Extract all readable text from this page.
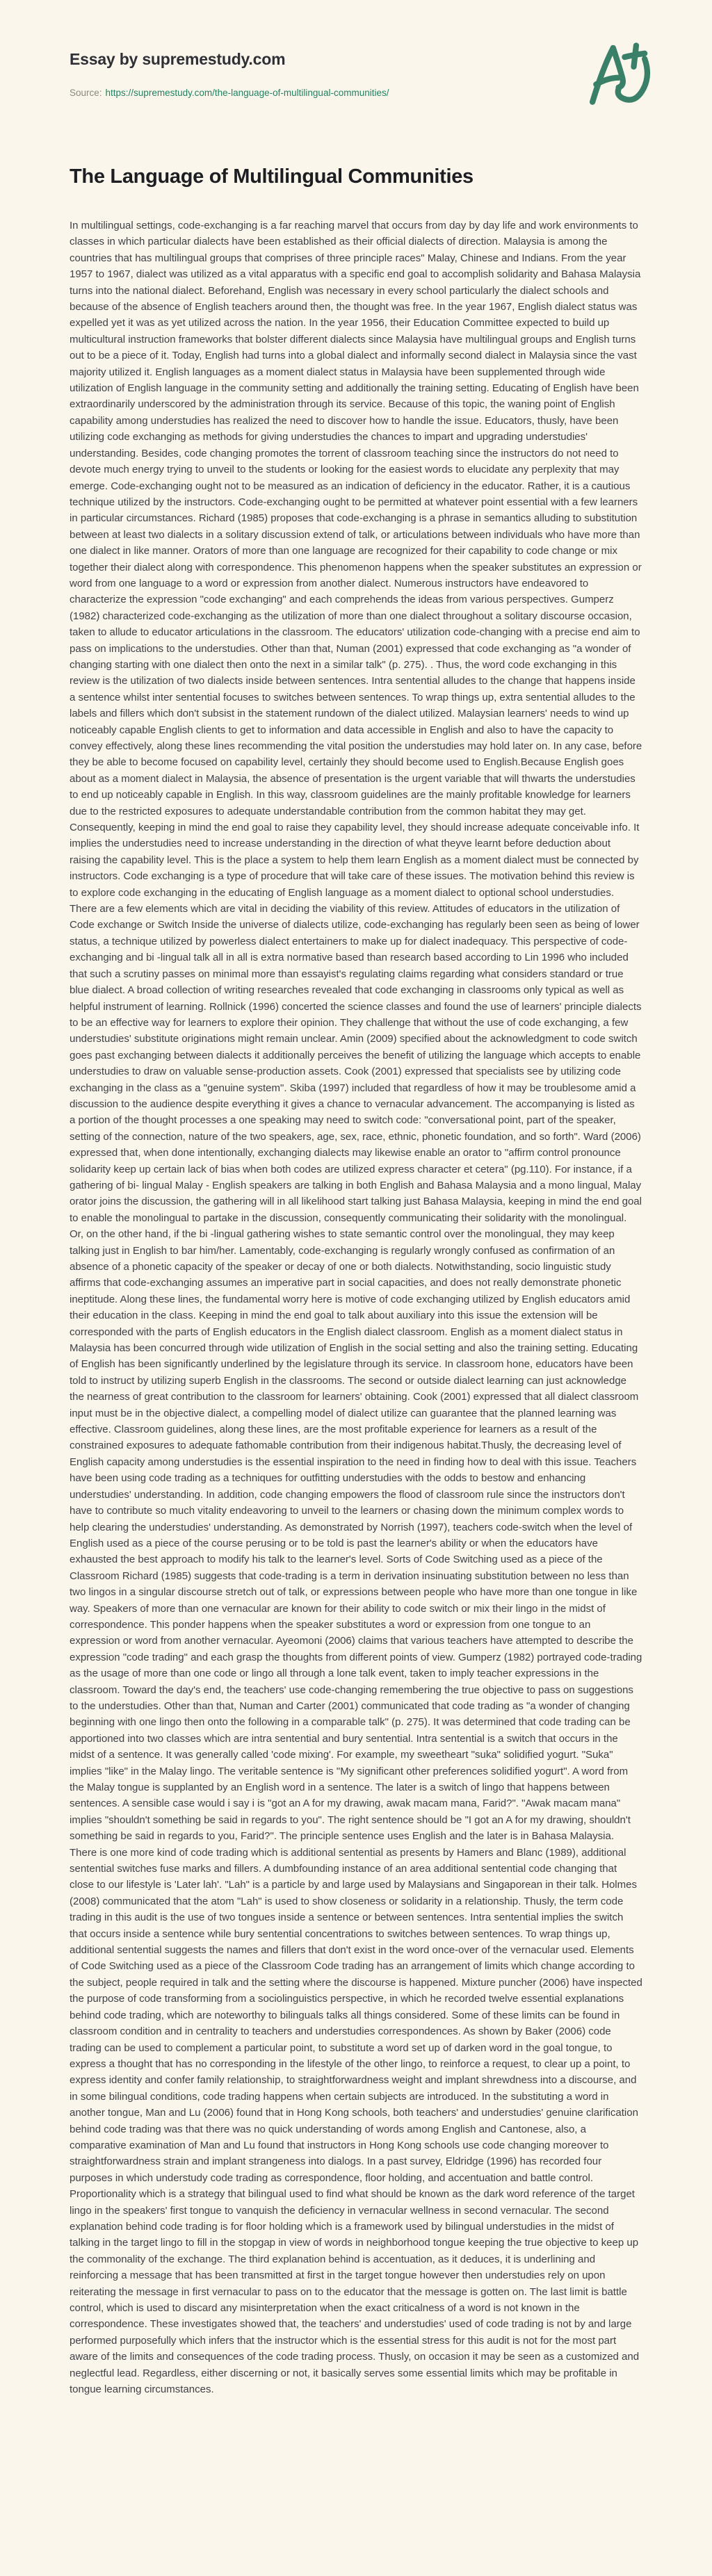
Essay by supremestudy.com
Source: https://supremestudy.com/the-language-of-multilingual-communities/
The Language of Multilingual Communities

In multilingual settings, code-exchanging is a far reaching marvel that occurs from day by day life and work environments to classes in which particular dialects have been established as their official dialects of direction. Malaysia is among the countries that has multilingual groups that comprises of three principle races" Malay, Chinese and Indians. From the year 1957 to 1967, dialect was utilized as a vital apparatus with a specific end goal to accomplish solidarity and Bahasa Malaysia turns into the national dialect. Beforehand, English was necessary in every school particularly the dialect schools and because of the absence of English teachers around then, the thought was free. In the year 1967, English dialect status was expelled yet it was as yet utilized across the nation. In the year 1956, their Education Committee expected to build up multicultural instruction frameworks that bolster different dialects since Malaysia have multilingual groups and English turns out to be a piece of it. Today, English had turns into a global dialect and informally second dialect in Malaysia since the vast majority utilized it. English languages as a moment dialect status in Malaysia have been supplemented through wide utilization of English language in the community setting and additionally the training setting. Educating of English have been extraordinarily underscored by the administration through its service. Because of this topic, the waning point of English capability among understudies has realized the need to discover how to handle the issue. Educators, thusly, have been utilizing code exchanging as methods for giving understudies the chances to impart and upgrading understudies' understanding. Besides, code changing promotes the torrent of classroom teaching since the instructors do not need to devote much energy trying to unveil to the students or looking for the easiest words to elucidate any perplexity that may emerge. Code-exchanging ought not to be measured as an indication of deficiency in the educator. Rather, it is a cautious technique utilized by the instructors. Code-exchanging ought to be permitted at whatever point essential with a few learners in particular circumstances. Richard (1985) proposes that code-exchanging is a phrase in semantics alluding to substitution between at least two dialects in a solitary discussion extend of talk, or articulations between individuals who have more than one dialect in like manner. Orators of more than one language are recognized for their capability to code change or mix together their dialect along with correspondence. This phenomenon happens when the speaker substitutes an expression or word from one language to a word or expression from another dialect. Numerous instructors have endeavored to characterize the expression "code exchanging" and each comprehends the ideas from various perspectives. Gumperz (1982) characterized code-exchanging as the utilization of more than one dialect throughout a solitary discourse occasion, taken to allude to educator articulations in the classroom. The educators' utilization code-changing with a precise end aim to pass on implications to the understudies. Other than that, Numan (2001) expressed that code exchanging as "a wonder of changing starting with one dialect then onto the next in a similar talk" (p. 275). . Thus, the word code exchanging in this review is the utilization of two dialects inside between sentences. Intra sentential alludes to the change that happens inside a sentence whilst inter sentential focuses to switches between sentences. To wrap things up, extra sentential alludes to the labels and fillers which don't subsist in the statement rundown of the dialect utilized. Malaysian learners' needs to wind up noticeably capable English clients to get to information and data accessible in English and also to have the capacity to convey effectively, along these lines recommending the vital position the understudies may hold later on. In any case, before they be able to become focused on capability level, certainly they should become used to English.Because English goes about as a moment dialect in Malaysia, the absence of presentation is the urgent variable that will thwarts the understudies to end up noticeably capable in English. In this way, classroom guidelines are the mainly profitable knowledge for learners due to the restricted exposures to adequate understandable contribution from the common habitat they may get. Consequently, keeping in mind the end goal to raise they capability level, they should increase adequate conceivable info. It implies the understudies need to increase understanding in the direction of what theyve learnt before deduction about raising the capability level. This is the place a system to help them learn English as a moment dialect must be connected by instructors. Code exchanging is a type of procedure that will take care of these issues. The motivation behind this review is to explore code exchanging in the educating of English language as a moment dialect to optional school understudies. There are a few elements which are vital in deciding the viability of this review. Attitudes of educators in the utilization of Code exchange or Switch Inside the universe of dialects utilize, code-exchanging has regularly been seen as being of lower status, a technique utilized by powerless dialect entertainers to make up for dialect inadequacy. This perspective of code-exchanging and bi -lingual talk all in all is extra normative based than research based according to Lin 1996 who included that such a scrutiny passes on minimal more than essayist's regulating claims regarding what considers standard or true blue dialect. A broad collection of writing researches revealed that code exchanging in classrooms only typical as well as helpful instrument of learning. Rollnick (1996) concerted the science classes and found the use of learners' principle dialects to be an effective way for learners to explore their opinion. They challenge that without the use of code exchanging, a few understudies' substitute originations might remain unclear. Amin (2009) specified about the acknowledgment to code switch goes past exchanging between dialects it additionally perceives the benefit of utilizing the language which accepts to enable understudies to draw on valuable sense-production assets. Cook (2001) expressed that specialists see by utilizing code exchanging in the class as a "genuine system". Skiba (1997) included that regardless of how it may be troublesome amid a discussion to the audience despite everything it gives a chance to vernacular advancement. The accompanying is listed as a portion of the thought processes a one speaking may need to switch code: "conversational point, part of the speaker, setting of the connection, nature of the two speakers, age, sex, race, ethnic, phonetic foundation, and so forth". Ward (2006) expressed that, when done intentionally, exchanging dialects may likewise enable an orator to "affirm control pronounce solidarity keep up certain lack of bias when both codes are utilized express character et cetera" (pg.110). For instance, if a gathering of bi- lingual Malay - English speakers are talking in both English and Bahasa Malaysia and a mono lingual, Malay orator joins the discussion, the gathering will in all likelihood start talking just Bahasa Malaysia, keeping in mind the end goal to enable the monolingual to partake in the discussion, consequently communicating their solidarity with the monolingual. Or, on the other hand, if the bi -lingual gathering wishes to state semantic control over the monolingual, they may keep talking just in English to bar him/her. Lamentably, code-exchanging is regularly wrongly confused as confirmation of an absence of a phonetic capacity of the speaker or decay of one or both dialects. Notwithstanding, socio linguistic study affirms that code-exchanging assumes an imperative part in social capacities, and does not really demonstrate phonetic ineptitude. Along these lines, the fundamental worry here is motive of code exchanging utilized by English educators amid their education in the class. Keeping in mind the end goal to talk about auxiliary into this issue the extension will be corresponded with the parts of English educators in the English dialect classroom. English as a moment dialect status in Malaysia has been concurred through wide utilization of English in the social setting and also the training setting. Educating of English has been significantly underlined by the legislature through its service. In classroom hone, educators have been told to instruct by utilizing superb English in the classrooms. The second or outside dialect learning can just acknowledge the nearness of great contribution to the classroom for learners' obtaining. Cook (2001) expressed that all dialect classroom input must be in the objective dialect, a compelling model of dialect utilize can guarantee that the planned learning was effective. Classroom guidelines, along these lines, are the most profitable experience for learners as a result of the constrained exposures to adequate fathomable contribution from their indigenous habitat.Thusly, the decreasing level of English capacity among understudies is the essential inspiration to the need in finding how to deal with this issue. Teachers have been using code trading as a techniques for outfitting understudies with the odds to bestow and enhancing understudies' understanding. In addition, code changing empowers the flood of classroom rule since the instructors don't have to contribute so much vitality endeavoring to unveil to the learners or chasing down the minimum complex words to help clearing the understudies' understanding. As demonstrated by Norrish (1997), teachers code-switch when the level of English used as a piece of the course perusing or to be told is past the learner's ability or when the educators have exhausted the best approach to modify his talk to the learner's level. Sorts of Code Switching used as a piece of the Classroom Richard (1985) suggests that code-trading is a term in derivation insinuating substitution between no less than two lingos in a singular discourse stretch out of talk, or expressions between people who have more than one tongue in like way. Speakers of more than one vernacular are known for their ability to code switch or mix their lingo in the midst of correspondence. This ponder happens when the speaker substitutes a word or expression from one tongue to an expression or word from another vernacular. Ayeomoni (2006) claims that various teachers have attempted to describe the expression "code trading" and each grasp the thoughts from different points of view. Gumperz (1982) portrayed code-trading as the usage of more than one code or lingo all through a lone talk event, taken to imply teacher expressions in the classroom. Toward the day's end, the teachers' use code-changing remembering the true objective to pass on suggestions to the understudies. Other than that, Numan and Carter (2001) communicated that code trading as "a wonder of changing beginning with one lingo then onto the following in a comparable talk" (p. 275). It was determined that code trading can be apportioned into two classes which are intra sentential and bury sentential. Intra sentential is a switch that occurs in the midst of a sentence. It was generally called 'code mixing'. For example, my sweetheart "suka" solidified yogurt. "Suka" implies "like" in the Malay lingo. The veritable sentence is "My significant other preferences solidified yogurt". A word from the Malay tongue is supplanted by an English word in a sentence. The later is a switch of lingo that happens between sentences. A sensible case would i say i is "got an A for my drawing, awak macam mana, Farid?". "Awak macam mana" implies "shouldn't something be said in regards to you". The right sentence should be "I got an A for my drawing, shouldn't something be said in regards to you, Farid?". The principle sentence uses English and the later is in Bahasa Malaysia. There is one more kind of code trading which is additional sentential as presents by Hamers and Blanc (1989), additional sentential switches fuse marks and fillers. A dumbfounding instance of an area additional sentential code changing that close to our lifestyle is 'Later lah'. "Lah" is a particle by and large used by Malaysians and Singaporean in their talk. Holmes (2008) communicated that the atom "Lah" is used to show closeness or solidarity in a relationship. Thusly, the term code trading in this audit is the use of two tongues inside a sentence or between sentences. Intra sentential implies the switch that occurs inside a sentence while bury sentential concentrations to switches between sentences. To wrap things up, additional sentential suggests the names and fillers that don't exist in the word once-over of the vernacular used. Elements of Code Switching used as a piece of the Classroom Code trading has an arrangement of limits which change according to the subject, people required in talk and the setting where the discourse is happened. Mixture puncher (2006) have inspected the purpose of code transforming from a sociolinguistics perspective, in which he recorded twelve essential explanations behind code trading, which are noteworthy to bilinguals talks all things considered. Some of these limits can be found in classroom condition and in centrality to teachers and understudies correspondences. As shown by Baker (2006) code trading can be used to complement a particular point, to substitute a word set up of darken word in the goal tongue, to express a thought that has no corresponding in the lifestyle of the other lingo, to reinforce a request, to clear up a point, to express identity and confer family relationship, to straightforwardness weight and implant shrewdness into a discourse, and in some bilingual conditions, code trading happens when certain subjects are introduced. In the substituting a word in another tongue, Man and Lu (2006) found that in Hong Kong schools, both teachers' and understudies' genuine clarification behind code trading was that there was no quick understanding of words among English and Cantonese, also, a comparative examination of Man and Lu found that instructors in Hong Kong schools use code changing moreover to straightforwardness strain and implant strangeness into dialogs. In a past survey, Eldridge (1996) has recorded four purposes in which understudy code trading as correspondence, floor holding, and accentuation and battle control. Proportionality which is a strategy that bilingual used to find what should be known as the dark word reference of the target lingo in the speakers' first tongue to vanquish the deficiency in vernacular wellness in second vernacular. The second explanation behind code trading is for floor holding which is a framework used by bilingual understudies in the midst of talking in the target lingo to fill in the stopgap in view of words in neighborhood tongue keeping the true objective to keep up the commonality of the exchange. The third explanation behind is accentuation, as it deduces, it is underlining and reinforcing a message that has been transmitted at first in the target tongue however then understudies rely on upon reiterating the message in first vernacular to pass on to the educator that the message is gotten on. The last limit is battle control, which is used to discard any misinterpretation when the exact criticalness of a word is not known in the correspondence. These investigates showed that, the teachers' and understudies' used of code trading is not by and large performed purposefully which infers that the instructor which is the essential stress for this audit is not for the most part aware of the limits and consequences of the code trading process. Thusly, on occasion it may be seen as a customized and neglectful lead. Regardless, either discerning or not, it basically serves some essential limits which may be profitable in tongue learning circumstances.
